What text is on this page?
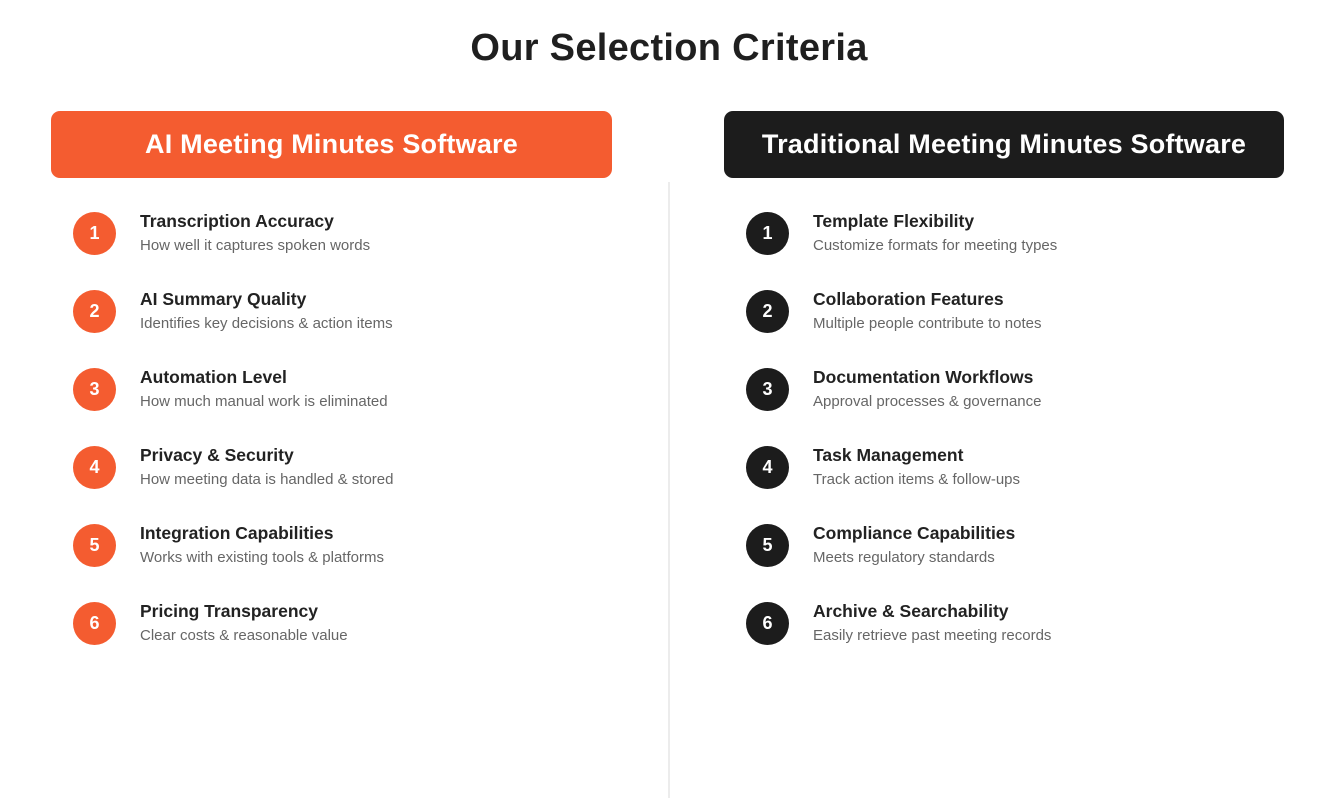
Our Selection Criteria
AI Meeting Minutes Software
1
Transcription Accuracy
How well it captures spoken words
2
AI Summary Quality
Identifies key decisions & action items
3
Automation Level
How much manual work is eliminated
4
Privacy & Security
How meeting data is handled & stored
5
Integration Capabilities
Works with existing tools & platforms
6
Pricing Transparency
Clear costs & reasonable value
Traditional Meeting Minutes Software
1
Template Flexibility
Customize formats for meeting types
2
Collaboration Features
Multiple people contribute to notes
3
Documentation Workflows
Approval processes & governance
4
Task Management
Track action items & follow-ups
5
Compliance Capabilities
Meets regulatory standards
6
Archive & Searchability
Easily retrieve past meeting records
